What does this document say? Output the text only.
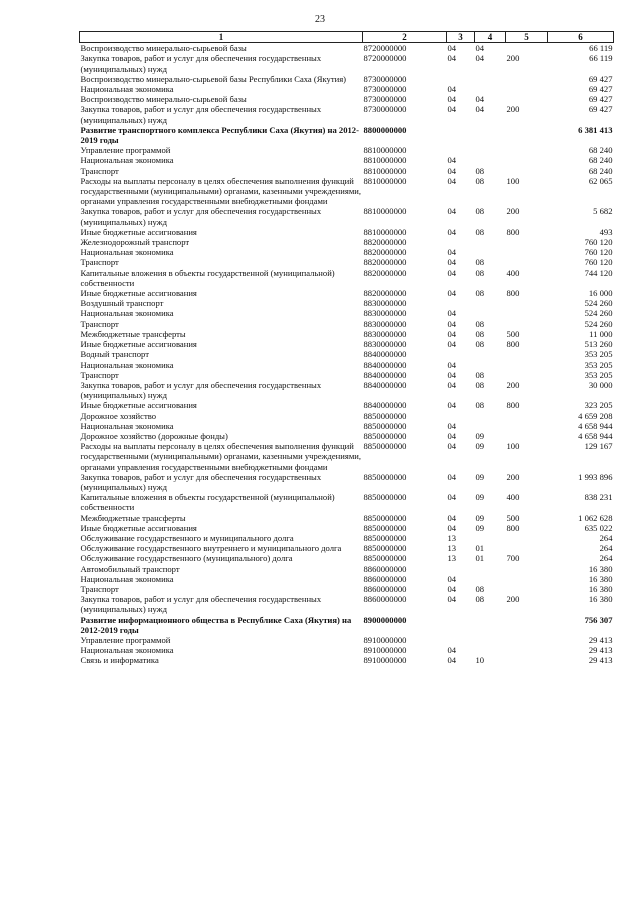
23
1	2	3	4	5	6
Воспроизводство минерально-сырьевой базы	8720000000	04	04		66 119
Закупка товаров, работ и услуг для обеспечения государственных (муниципальных) нужд	8720000000	04	04	200	66 119
Воспроизводство минерально-сырьевой базы Республики Саха (Якутия)	8730000000				69 427
Национальная экономика	8730000000	04			69 427
Воспроизводство минерально-сырьевой базы	8730000000	04	04		69 427
Закупка товаров, работ и услуг для обеспечения государственных (муниципальных) нужд	8730000000	04	04	200	69 427
Развитие транспортного комплекса Республики Саха (Якутия) на 2012-2019 годы	8800000000				6 381 413
Управление программой	8810000000				68 240
Национальная экономика	8810000000	04			68 240
Транспорт	8810000000	04	08		68 240
Расходы на выплаты персоналу в целях обеспечения выполнения функций государственными (муниципальными) органами, казенными учреждениями, органами управления государственными внебюджетными фондами	8810000000	04	08	100	62 065
Закупка товаров, работ и услуг для обеспечения государственных (муниципальных) нужд	8810000000	04	08	200	5 682
Иные бюджетные ассигнования	8810000000	04	08	800	493
Железнодорожный транспорт	8820000000				760 120
Национальная экономика	8820000000	04			760 120
Транспорт	8820000000	04	08		760 120
Капитальные вложения в объекты государственной (муниципальной) собственности	8820000000	04	08	400	744 120
Иные бюджетные ассигнования	8820000000	04	08	800	16 000
Воздушный транспорт	8830000000				524 260
Национальная экономика	8830000000	04			524 260
Транспорт	8830000000	04	08		524 260
Межбюджетные трансферты	8830000000	04	08	500	11 000
Иные бюджетные ассигнования	8830000000	04	08	800	513 260
Водный транспорт	8840000000				353 205
Национальная экономика	8840000000	04			353 205
Транспорт	8840000000	04	08		353 205
Закупка товаров, работ и услуг для обеспечения государственных (муниципальных) нужд	8840000000	04	08	200	30 000
Иные бюджетные ассигнования	8840000000	04	08	800	323 205
Дорожное хозяйство	8850000000				4 659 208
Национальная экономика	8850000000	04			4 658 944
Дорожное хозяйство (дорожные фонды)	8850000000	04	09		4 658 944
Расходы на выплаты персоналу в целях обеспечения выполнения функций государственными (муниципальными) органами, казенными учреждениями, органами управления государственными внебюджетными фондами	8850000000	04	09	100	129 167
Закупка товаров, работ и услуг для обеспечения государственных (муниципальных) нужд	8850000000	04	09	200	1 993 896
Капитальные вложения в объекты государственной (муниципальной) собственности	8850000000	04	09	400	838 231
Межбюджетные трансферты	8850000000	04	09	500	1 062 628
Иные бюджетные ассигнования	8850000000	04	09	800	635 022
Обслуживание государственного и муниципального долга	8850000000	13			264
Обслуживание государственного внутреннего и муниципального долга	8850000000	13	01		264
Обслуживание государственного (муниципального) долга	8850000000	13	01	700	264
Автомобильный транспорт	8860000000				16 380
Национальная экономика	8860000000	04			16 380
Транспорт	8860000000	04	08		16 380
Закупка товаров, работ и услуг для обеспечения государственных (муниципальных) нужд	8860000000	04	08	200	16 380
Развитие информационного общества в Республике Саха (Якутия) на 2012-2019 годы	8900000000				756 307
Управление программой	8910000000				29 413
Национальная экономика	8910000000	04			29 413
Связь и информатика	8910000000	04	10		29 413
